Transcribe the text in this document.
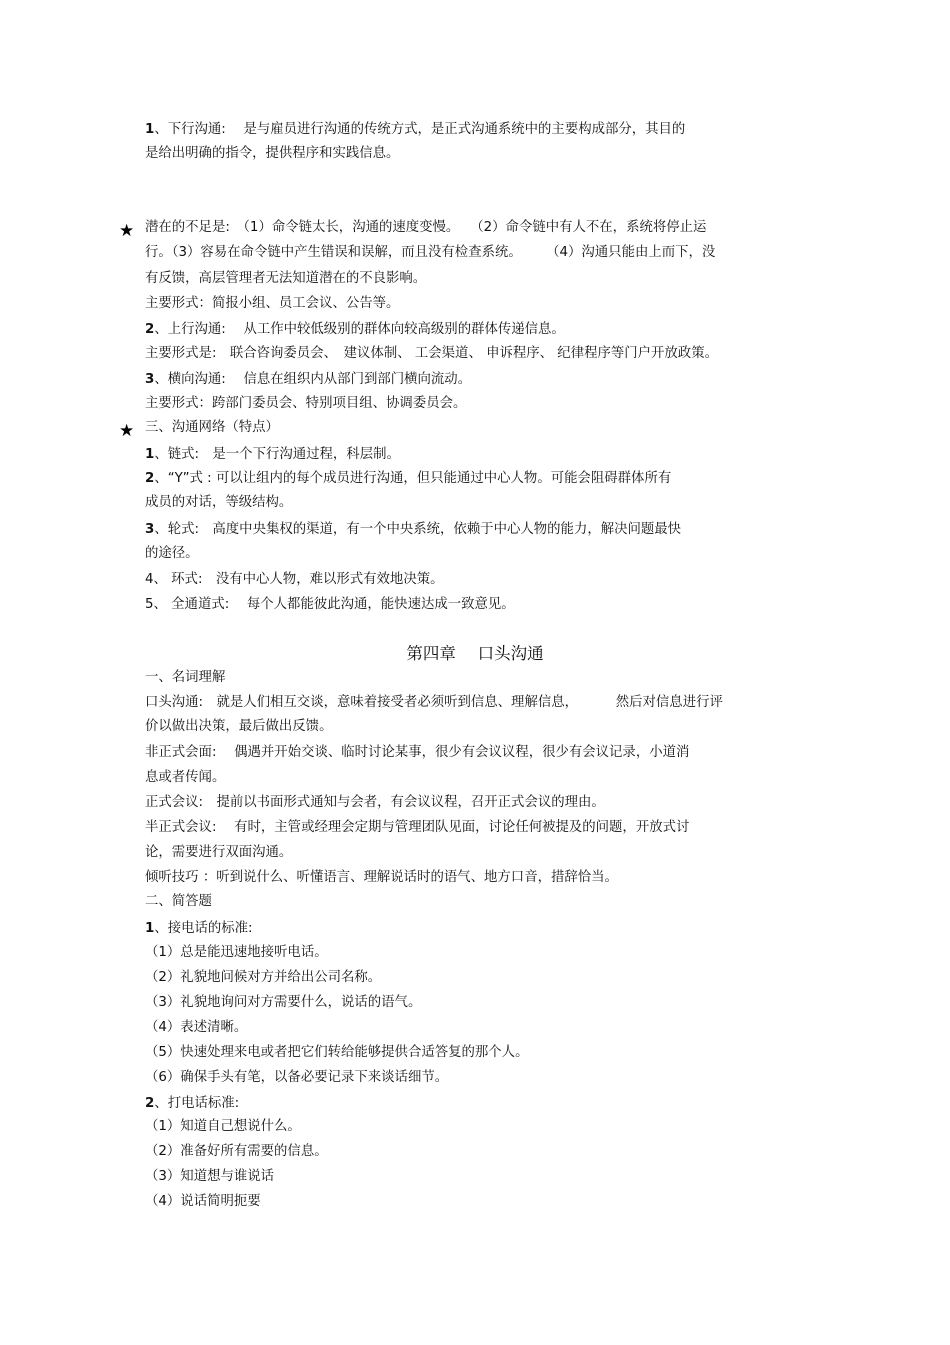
1、下行沟通:　 是与雇员进行沟通的传统方式，是正式沟通系统中的主要构成部分，其目的
是给出明确的指令，提供程序和实践信息。
潜在的不足是:　（1）命令链太长，沟通的速度变慢。　 （2）命令链中有人不在，系统将停止运
行。（3）容易在命令链中产生错误和误解，而且没有检查系统。　　 （4）沟通只能由上而下，没
有反馈，高层管理者无法知道潜在的不良影响。
主要形式：简报小组、员工会议、公告等。
2、上行沟通:　 从工作中较低级别的群体向较高级别的群体传递信息。
主要形式是:　联合咨询委员会、　建议体制、 工会渠道、 申诉程序、 纪律程序等门户开放政策。
3、横向沟通:　 信息在组织内从部门到部门横向流动。
主要形式：跨部门委员会、特别项目组、协调委员会。
三、沟通网络（特点）
1、链式:　是一个下行沟通过程，科层制。
2、“Y”式 : 可以让组内的每个成员进行沟通，但只能通过中心人物。可能会阻碍群体所有
成员的对话，等级结构。
3、轮式:　高度中央集权的渠道，有一个中央系统，依赖于中心人物的能力，解决问题最快
的途径。
4、 环式:　没有中心人物，难以形式有效地决策。
5、 全通道式:　 每个人都能彼此沟通，能快速达成一致意见。
一、名词理解
口头沟通:　就是人们相互交谈，意味着接受者必须听到信息、理解信息，　　　 然后对信息进行评
价以做出决策，最后做出反馈。
非正式会面:　 偶遇并开始交谈、临时讨论某事，很少有会议议程，很少有会议记录，小道消
息或者传闻。
正式会议:　提前以书面形式通知与会者，有会议议程，召开正式会议的理由。
半正式会议:　 有时，主管或经理会定期与管理团队见面，讨论任何被提及的问题，开放式讨
论，需要进行双面沟通。
倾听技巧 ：听到说什么、听懂语言、理解说话时的语气、地方口音，措辞恰当。
二、简答题
1、接电话的标准:
（1）总是能迅速地接听电话。
（2）礼貌地问候对方并给出公司名称。
（3）礼貌地询问对方需要什么，说话的语气。
（4）表述清晰。
（5）快速处理来电或者把它们转给能够提供合适答复的那个人。
（6）确保手头有笔，以备必要记录下来谈话细节。
2、打电话标准:
（1）知道自己想说什么。
（2）准备好所有需要的信息。
（3）知道想与谁说话
（4）说话简明扼要
★
★
第四章　 口头沟通
